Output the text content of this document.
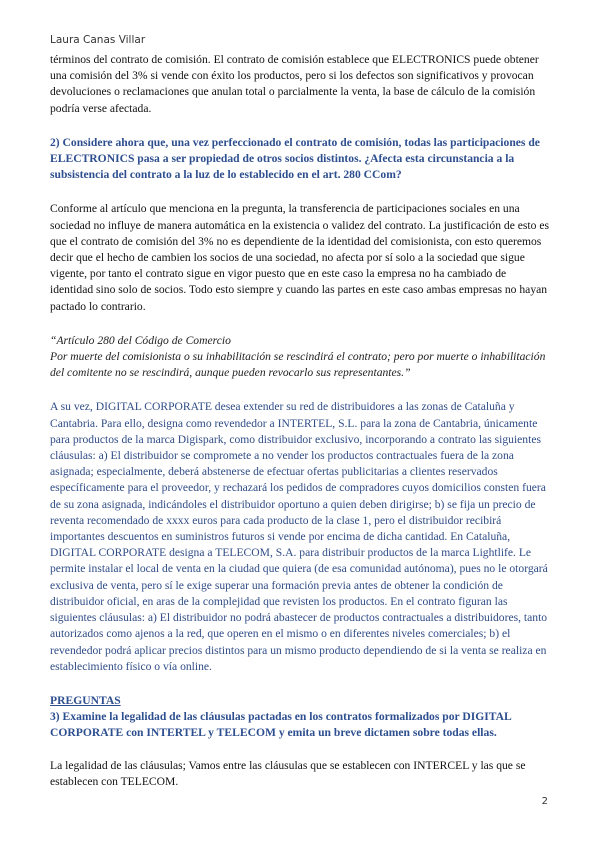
Laura Canas Villar

términos del contrato de comisión. El contrato de comisión establece que ELECTRONICS puede obtener una comisión del 3% si vende con éxito los productos, pero si los defectos son significativos y provocan devoluciones o reclamaciones que anulan total o parcialmente la venta, la base de cálculo de la comisión podría verse afectada.

2) Considere ahora que, una vez perfeccionado el contrato de comisión, todas las participaciones de ELECTRONICS pasa a ser propiedad de otros socios distintos. ¿Afecta esta circunstancia a la subsistencia del contrato a la luz de lo establecido en el art. 280 CCom?

Conforme al artículo que menciona en la pregunta, la transferencia de participaciones sociales en una sociedad no influye de manera automática en la existencia o validez del contrato. La justificación de esto es que el contrato de comisión del 3% no es dependiente de la identidad del comisionista, con esto queremos decir que el hecho de cambien los socios de una sociedad, no afecta por sí solo a la sociedad que sigue vigente, por tanto el contrato sigue en vigor puesto que en este caso la empresa no ha cambiado de identidad sino solo de socios. Todo esto siempre y cuando las partes en este caso ambas empresas no hayan pactado lo contrario.

“Artículo 280 del Código de Comercio

Por muerte del comisionista o su inhabilitación se rescindirá el contrato; pero por muerte o inhabilitación del comitente no se rescindirá, aunque pueden revocarlo sus representantes.”

A su vez, DIGITAL CORPORATE desea extender su red de distribuidores a las zonas de Cataluña y Cantabria. Para ello, designa como revendedor a INTERTEL, S.L. para la zona de Cantabria, únicamente para productos de la marca Digispark, como distribuidor exclusivo, incorporando a contrato las siguientes cláusulas: a) El distribuidor se compromete a no vender los productos contractuales fuera de la zona asignada; especialmente, deberá abstenerse de efectuar ofertas publicitarias a clientes reservados específicamente para el proveedor, y rechazará los pedidos de compradores cuyos domicilios consten fuera de su zona asignada, indicándoles el distribuidor oportuno a quien deben dirigirse; b) se fija un precio de reventa recomendado de xxxx euros para cada producto de la clase 1, pero el distribuidor recibirá importantes descuentos en suministros futuros si vende por encima de dicha cantidad. En Cataluña, DIGITAL CORPORATE designa a TELECOM, S.A. para distribuir productos de la marca Lightlife. Le permite instalar el local de venta en la ciudad que quiera (de esa comunidad autónoma), pues no le otorgará exclusiva de venta, pero sí le exige superar una formación previa antes de obtener la condición de distribuidor oficial, en aras de la complejidad que revisten los productos. En el contrato figuran las siguientes cláusulas: a) El distribuidor no podrá abastecer de productos contractuales a distribuidores, tanto autorizados como ajenos a la red, que operen en el mismo o en diferentes niveles comerciales; b) el revendedor podrá aplicar precios distintos para un mismo producto dependiendo de si la venta se realiza en establecimiento físico o vía online.

PREGUNTAS

3) Examine la legalidad de las cláusulas pactadas en los contratos formalizados por DIGITAL CORPORATE con INTERTEL y TELECOM y emita un breve dictamen sobre todas ellas.

La legalidad de las cláusulas; Vamos entre las cláusulas que se establecen con INTERCEL y las que se establecen con TELECOM.

2
